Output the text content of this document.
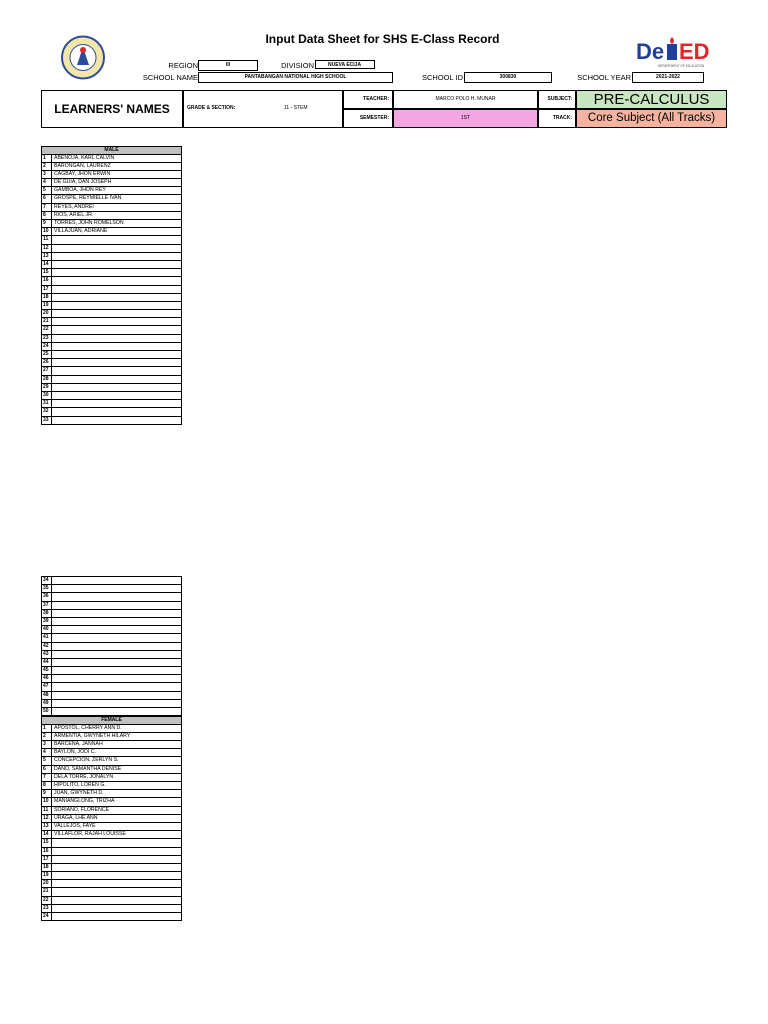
Input Data Sheet for SHS E-Class Record	De ED
DEPARTMENT OF EDUCATION
REGION	III	DIVISION	NUEVA ECIJA
SCHOOL NAME	PANTABANGAN NATIONAL HIGH SCHOOL	SCHOOL ID	300830	SCHOOL YEAR	2021-2022
LEARNERS' NAMES	GRADE & SECTION:	11 - STEM
TEACHER:	MARCO POLO H. MUNAR
SEMESTER:	1ST
SUBJECT:	PRE-CALCULUS
TRACK:	Core Subject (All Tracks)
MALE
1	ABENOJA, KARL CALVIN
2	BARONGAN, LAURENZ
3	CAGBAY, JHON ERWIN
4	DE GUIA, DAN JOSEPH
5	GAMBOA, JHON REY
6	GROSPE, REYMIELLE IVAN
7	REYES, ANDREI
8	RIOS, ARIEL JR.
9	TORRES, JOHN ROMELSON
10	VILLAJUAN, ADRIANE
11
12
13
14
15
16
17
18
19
20
21
22
23
24
25
26
27
28
29
30
31
32
33
34
35
36
37
38
39
40
41
42
43
44
45
46
47
48
49
50
FEMALE
1	APOSTOL, CHERRY ANN D.
2	ARMENTIA, GWYNETH HILARY
3	BARCENA, JANNAH
4	BAYLON, JODI C.
5	CONCEPCION, ZERLYN S.
6	DANO, SAMANTHA DENISE
7	DELA TORRE, JONALYN
8	HIPOLITO, LOREN G.
9	JUAN, GWYNETH D.
10	MANIANGLONG, TRIZHA
11	SORIANO, FLORENCE
12	URAGA, LHE ANN
13	VALLEJOS, FAYE
14	VILLAFLOR, RAJAH LOUISSE
15
16
17
18
19
20
21
22
23
24
